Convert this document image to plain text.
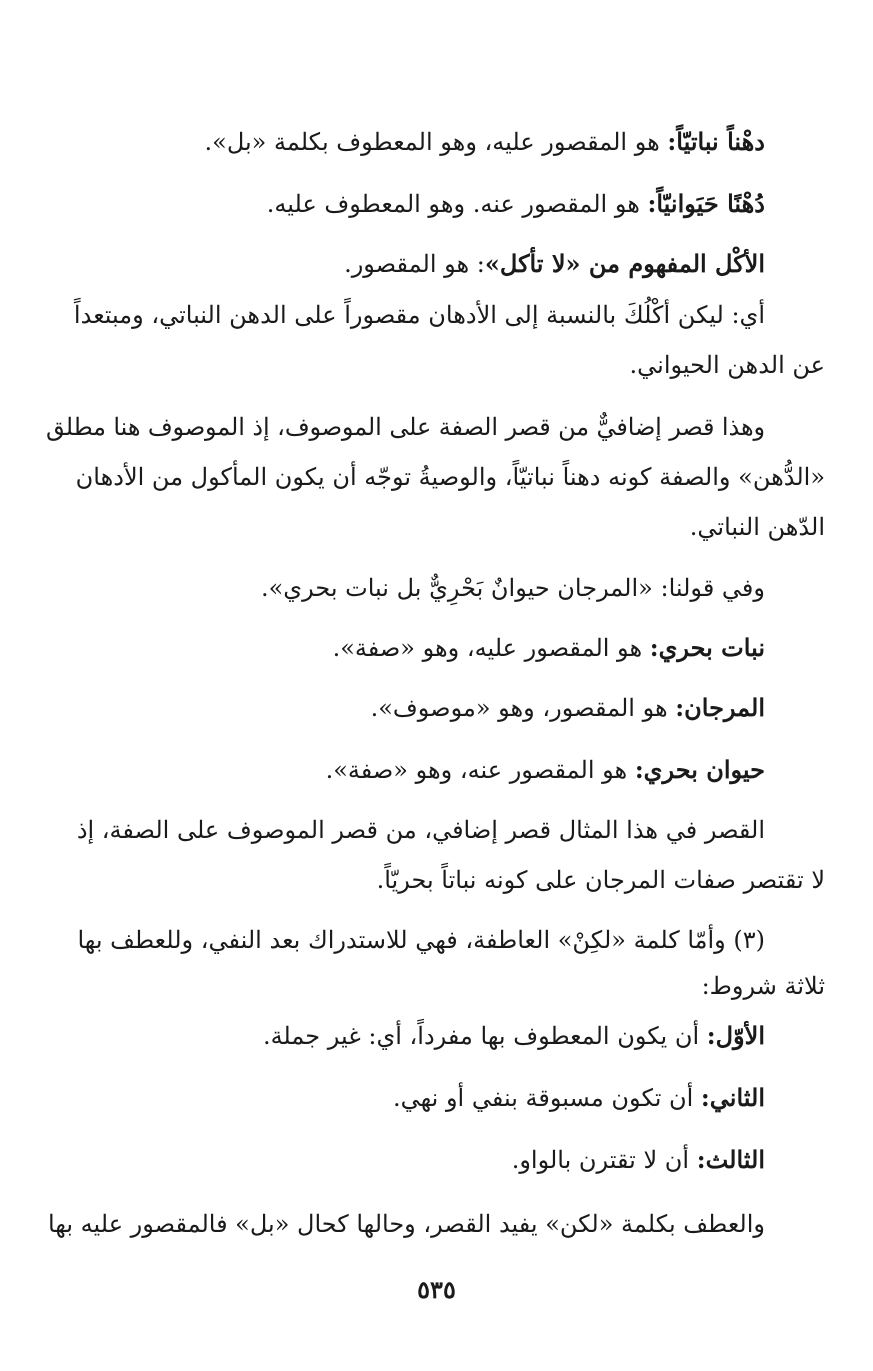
دهْناً نباتيّاً: هو المقصور عليه، وهو المعطوف بكلمة «بل».
دُهْنًا حَيَوانيّاً: هو المقصور عنه. وهو المعطوف عليه.
الأكْل المفهوم من «لا تأكل»: هو المقصور.
أي: ليكن أكْلُكَ بالنسبة إلى الأدهان مقصوراً على الدهن النباتي، ومبتعداً
عن الدهن الحيواني.
وهذا قصر إضافيٌّ من قصر الصفة على الموصوف، إذ الموصوف هنا مطلق
«الدُّهن» والصفة كونه دهناً نباتيّاً، والوصيةُ توجّه أن يكون المأكول من الأدهان
الدّهن النباتي.
وفي قولنا: «المرجان حيوانٌ بَحْرِيٌّ بل نبات بحري».
نبات بحري: هو المقصور عليه، وهو «صفة».
المرجان: هو المقصور، وهو «موصوف».
حيوان بحري: هو المقصور عنه، وهو «صفة».
القصر في هذا المثال قصر إضافي، من قصر الموصوف على الصفة، إذ
لا تقتصر صفات المرجان على كونه نباتاً بحريّاً.
(٣) وأمّا كلمة «لكِنْ» العاطفة، فهي للاستدراك بعد النفي، وللعطف بها
ثلاثة شروط:
الأوّل: أن يكون المعطوف بها مفرداً، أي: غير جملة.
الثاني: أن تكون مسبوقة بنفي أو نهي.
الثالث: أن لا تقترن بالواو.
والعطف بكلمة «لكن» يفيد القصر، وحالها كحال «بل» فالمقصور عليه بها
٥٣٥
